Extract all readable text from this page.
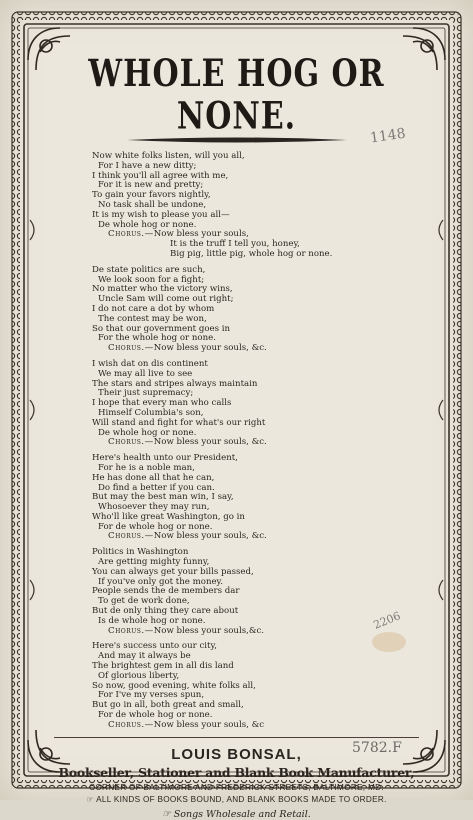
WHOLE HOG OR NONE.
Now white folks listen, will you all,
For I have a new ditty;
I think you'll all agree with me,
For it is new and pretty;
To gain your favors nightly,
No task shall be undone,
It is my wish to please you all—
De whole hog or none.
Chorus.—Now bless your souls,
It is the truff I tell you, honey,
Big pig, little pig, whole hog or none.
De state politics are such,
We look soon for a fight;
No matter who the victory wins,
Uncle Sam will come out right;
I do not care a dot by whom
The contest may be won,
So that our government goes in
For the whole hog or none.
Chorus.—Now bless your souls, &c.
I wish dat on dis continent
We may all live to see
The stars and stripes always maintain
Their just supremacy;
I hope that every man who calls
Himself Columbia's son,
Will stand and fight for what's our right
De whole hog or none.
Chorus.—Now bless your souls, &c.
Here's health unto our President,
For he is a noble man,
He has done all that he can,
Do find a better if you can.
But may the best man win, I say,
Whosoever they may run,
Who'll like great Washington, go in
For de whole hog or none.
Chorus.—Now bless your souls, &c.
Politics in Washington
Are getting mighty funny,
You can always get your bills passed,
If you've only got the money.
People sends the de members dar
To get de work done,
But de only thing they care about
Is de whole hog or none.
Chorus.—Now bless your souls,&c.
Here's success unto our city,
And may it always be
The brightest gem in all dis land
Of glorious liberty,
So now, good evening, white folks all,
For I've my verses spun,
But go in all, both great and small,
For de whole hog or none.
Chorus.—Now bless your souls, &c

LOUIS BONSAL,

Bookseller, Stationer and Blank Book Manufacturer,

CORNER OF BALTIMORE AND FREDERICK STREETS, BALTIMORE, MD.

☞ ALL KINDS OF BOOKS BOUND, AND BLANK BOOKS MADE TO ORDER.

☞ Songs Wholesale and Retail.

1148
2206
5782.F
